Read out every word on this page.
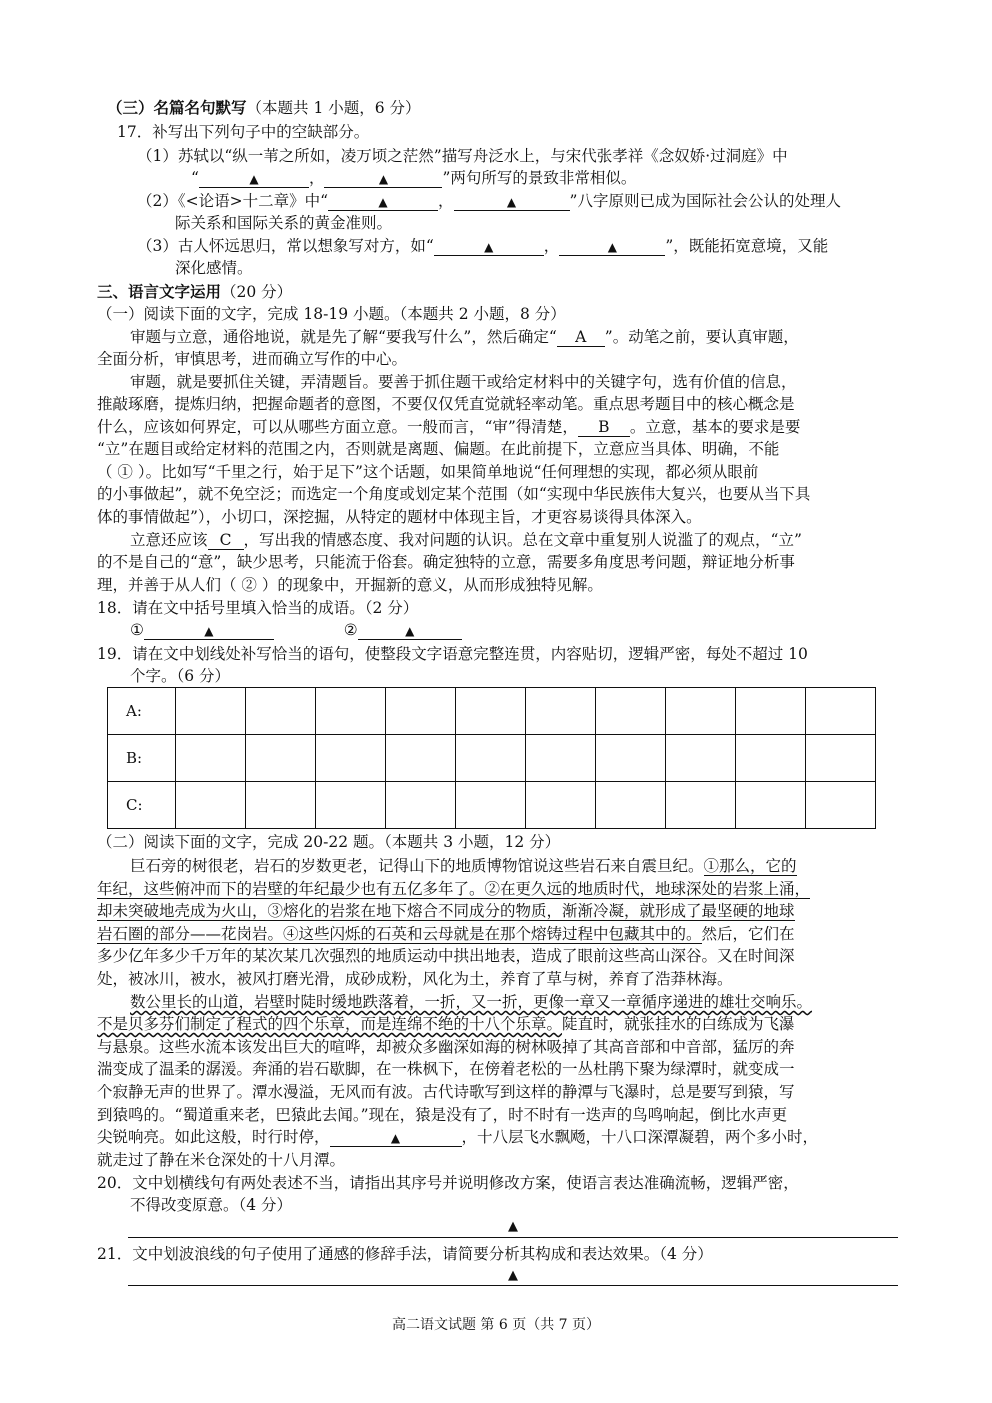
（三）名篇名句默写（本题共 1 小题，6 分）
17．补写出下列句子中的空缺部分。
（1）苏轼以“纵一苇之所如，凌万顷之茫然”描写舟泛水上，与宋代张孝祥《念奴娇·过洞庭》中
“	▲	，	▲	”两句所写的景致非常相似。
（2）《<论语>十二章》中“	▲	，	▲	”八字原则已成为国际社会公认的处理人
际关系和国际关系的黄金准则。
（3）古人怀远思归，常以想象写对方，如“	▲	，	▲	”，既能拓宽意境，又能
深化感情。
三、语言文字运用（20 分）
（一）阅读下面的文字，完成 18-19 小题。（本题共 2 小题，8 分）
审题与立意，通俗地说，就是先了解“要我写什么”，然后确定“ A ”。动笔之前，要认真审题，
全面分析，审慎思考，进而确立写作的中心。
审题，就是要抓住关键，弄清题旨。要善于抓住题干或给定材料中的关键字句，选有价值的信息，
推敲琢磨，提炼归纳，把握命题者的意图，不要仅仅凭直觉就轻率动笔。重点思考题目中的核心概念是
什么，应该如何界定，可以从哪些方面立意。一般而言，“审”得清楚， B 。立意，基本的要求是要
“立”在题目或给定材料的范围之内，否则就是离题、偏题。在此前提下，立意应当具体、明确，不能
（ ① ）。比如写“千里之行，始于足下”这个话题，如果简单地说“任何理想的实现，都必须从眼前
的小事做起”，就不免空泛；而选定一个角度或划定某个范围（如“实现中华民族伟大复兴，也要从当下具
体的事情做起”），小切口，深挖掘，从特定的题材中体现主旨，才更容易谈得具体深入。
立意还应该 C ，写出我的情感态度、我对问题的认识。总在文章中重复别人说滥了的观点，“立”
的不是自己的“意”，缺少思考，只能流于俗套。确定独特的立意，需要多角度思考问题，辩证地分析事
理，并善于从人们（ ② ）的现象中，开掘新的意义，从而形成独特见解。
18．请在文中括号里填入恰当的成语。（2 分）
①	▲	②	▲
19．请在文中划线处补写恰当的语句，使整段文字语意完整连贯，内容贴切，逻辑严密，每处不超过 10
个字。（6 分）
A:										
B:										
C:										
（二）阅读下面的文字，完成 20-22 题。（本题共 3 小题，12 分）
巨石旁的树很老，岩石的岁数更老，记得山下的地质博物馆说这些岩石来自震旦纪。①那么，它的
年纪，这些俯冲而下的岩壁的年纪最少也有五亿多年了。②在更久远的地质时代，地球深处的岩浆上涌，
却未突破地壳成为火山，③熔化的岩浆在地下熔合不同成分的物质，渐渐冷凝，就形成了最坚硬的地球
岩石圈的部分——花岗岩。④这些闪烁的石英和云母就是在那个熔铸过程中包藏其中的。然后，它们在
多少亿年多少千万年的某次某几次强烈的地质运动中拱出地表，造成了眼前这些高山深谷。又在时间深
处，被冰川，被水，被风打磨光滑，成砂成粉，风化为土，养育了草与树，养育了浩莽林海。
数公里长的山道，岩壁时陡时缓地跌落着，一折，又一折，更像一章又一章循序递进的雄壮交响乐。
不是贝多芬们制定了程式的四个乐章，而是连绵不绝的十八个乐章。陡直时，就张挂水的白练成为飞瀑
与悬泉。这些水流本该发出巨大的喧哗，却被众多幽深如海的树林吸掉了其高音部和中音部，猛厉的奔
湍变成了温柔的潺湲。奔涌的岩石歇脚，在一株枫下，在傍着老松的一丛杜鹃下聚为绿潭时，就变成一
个寂静无声的世界了。潭水漫溢，无风而有波。古代诗歌写到这样的静潭与飞瀑时，总是要写到猿，写
到猿鸣的。“蜀道重来老，巴猿此去闻。”现在，猿是没有了，时不时有一迭声的鸟鸣响起，倒比水声更
尖锐响亮。如此这般，时行时停，	▲	，十八层飞水飘飏，十八口深潭凝碧，两个多小时，
就走过了静在米仓深处的十八月潭。
20．文中划横线句有两处表述不当，请指出其序号并说明修改方案，使语言表达准确流畅，逻辑严密，
不得改变原意。（4 分）
▲
21．文中划波浪线的句子使用了通感的修辞手法，请简要分析其构成和表达效果。（4 分）
▲
高二语文试题 第 6 页（共 7 页）
